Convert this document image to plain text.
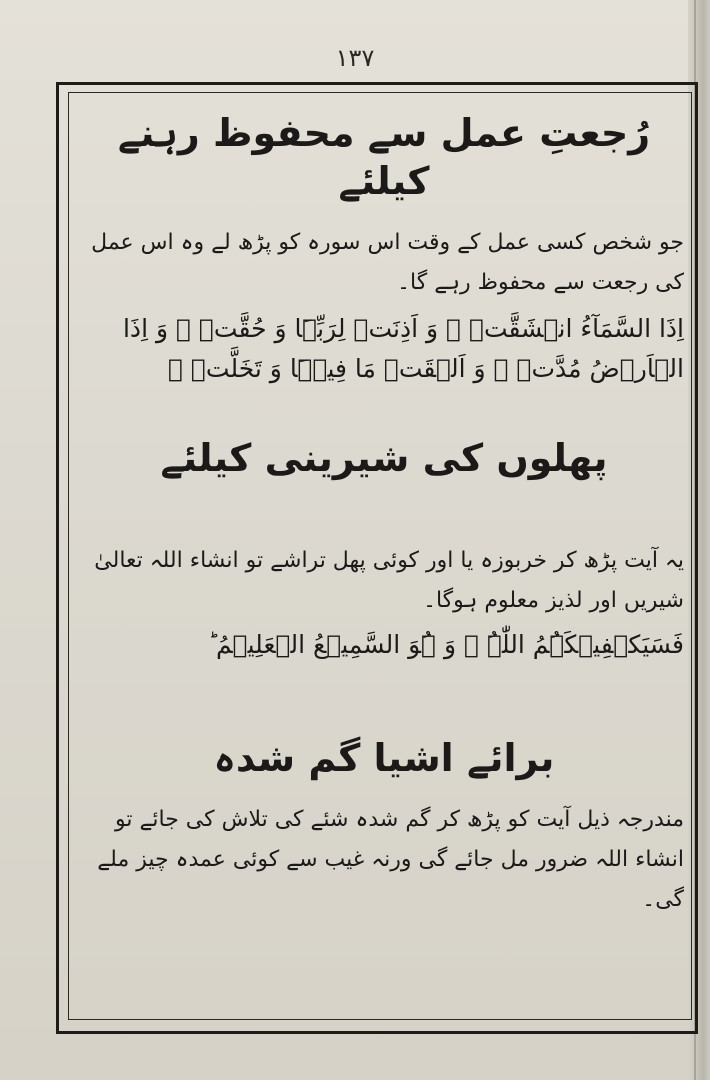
۱۳۷
رُجعتِ عمل سے محفوظ رہنے کیلئے

جو شخص کسی عمل کے وقت اس سورہ کو پڑھ لے وہ اس عمل کی رجعت سے محفوظ رہے گا۔

اِذَا السَّمَآءُ انۡشَقَّتۡ ۙ وَ اَذِنَتۡ لِرَبِّہَا وَ حُقَّتۡ ۙ وَ اِذَا الۡاَرۡضُ مُدَّتۡ ۙ وَ اَلۡقَتۡ مَا فِیۡہَا وَ تَخَلَّتۡ ۙ

پھلوں کی شیرینی کیلئے

یہ آیت پڑھ کر خربوزہ یا اور کوئی پھل تراشے تو انشاء اللہ تعالیٰ شیریں اور لذیز معلوم ہوگا۔

فَسَیَکۡفِیۡکَہُمُ اللّٰہُ ۚ وَ ہُوَ السَّمِیۡعُ الۡعَلِیۡمُ ؕ

برائے اشیا گم شدہ

مندرجہ ذیل آیت کو پڑھ کر گم شدہ شئے کی تلاش کی جائے تو انشاء اللہ ضرور مل جائے گی ورنہ غیب سے کوئی عمدہ چیز ملے گی۔
